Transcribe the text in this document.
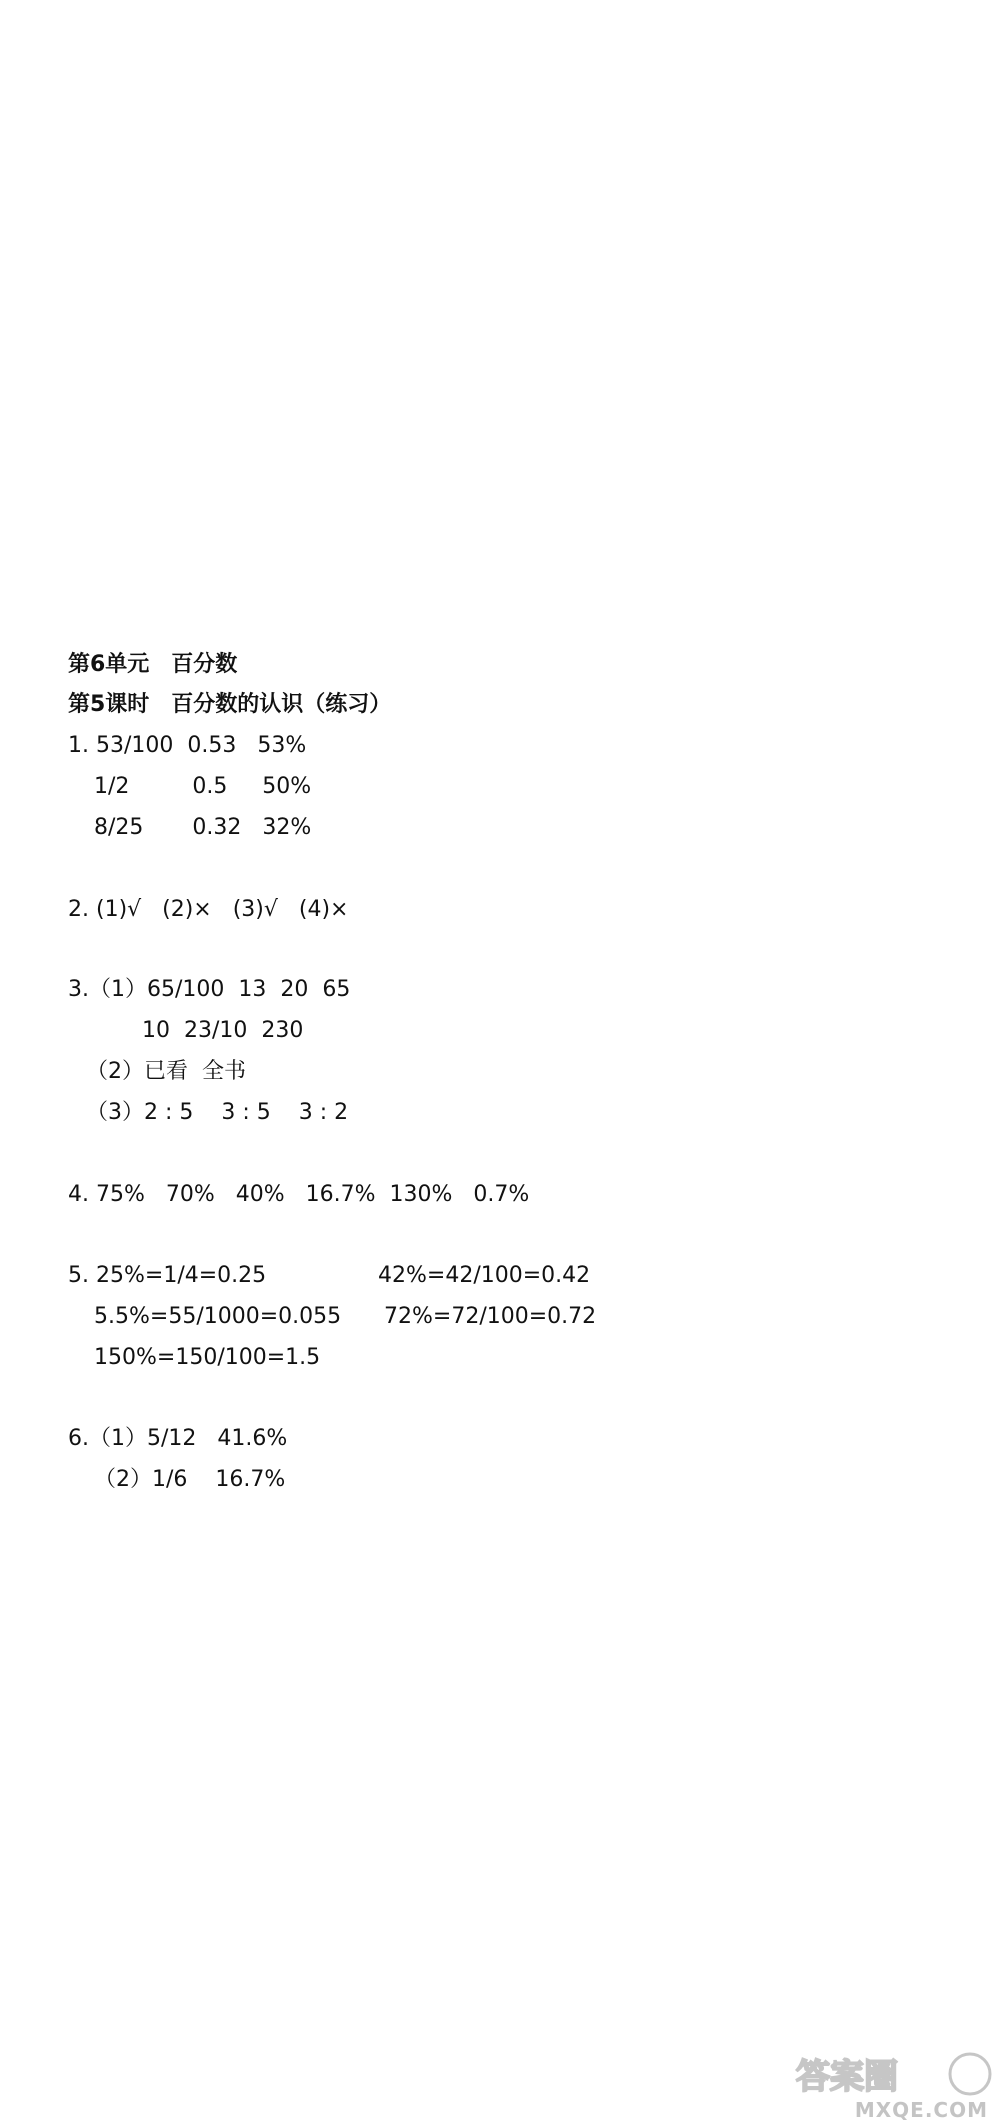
第6单元　百分数
第5课时　百分数的认识（练习）
1. 53/100  0.53   53%
1/2         0.5     50%
8/25       0.32   32%
2. (1)√   (2)×   (3)√   (4)×
3.（1）65/100  13  20  65
10  23/10  230
（2）已看  全书
（3）2 : 5    3 : 5    3 : 2
4. 75%   70%   40%   16.7%  130%   0.7%
5. 25%=1/4=0.25	42%=42/100=0.42
5.5%=55/1000=0.055 72%=72/100=0.72
150%=150/100=1.5
6.（1）5/12   41.6%
（2）1/6    16.7%
答案圈
MXQE.COM
